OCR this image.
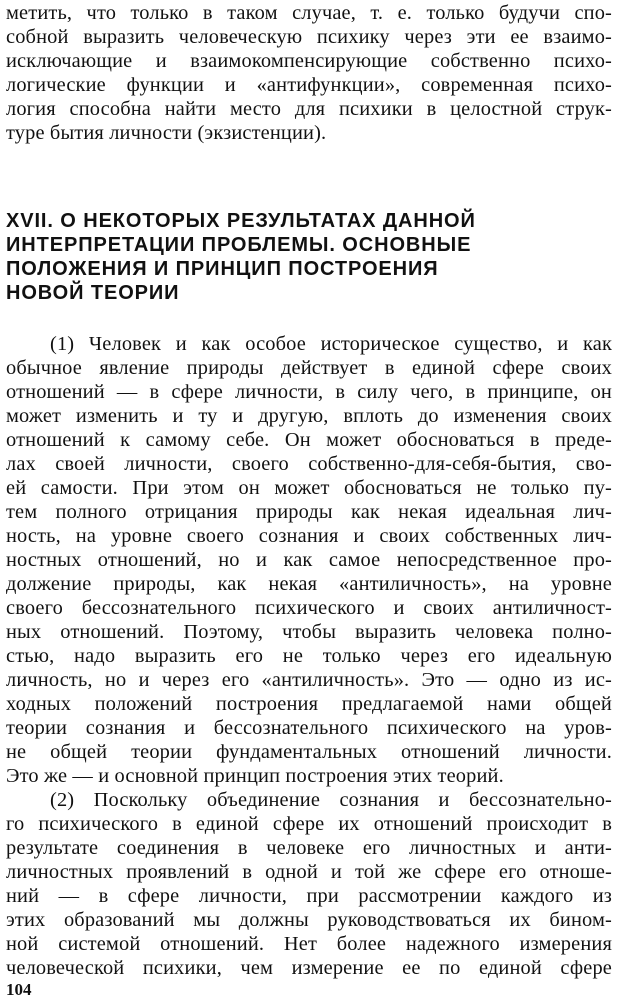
метить, что только в таком случае, т. е. только будучи спо-
собной выразить человеческую психику через эти ее взаимо-
исключающие и взаимокомпенсирующие собственно психо-
логические функции и «антифункции», современная психо-
логия способна найти место для психики в целостной струк-
туре бытия личности (экзистенции).
XVII. О НЕКОТОРЫХ РЕЗУЛЬТАТАХ ДАННОЙ
ИНТЕРПРЕТАЦИИ ПРОБЛЕМЫ. ОСНОВНЫЕ
ПОЛОЖЕНИЯ И ПРИНЦИП ПОСТРОЕНИЯ
НОВОЙ ТЕОРИИ
(1) Человек и как особое историческое существо, и как
обычное явление природы действует в единой сфере своих
отношений — в сфере личности, в силу чего, в принципе, он
может изменить и ту и другую, вплоть до изменения своих
отношений к самому себе. Он может обосноваться в преде-
лах своей личности, своего собственно-для-себя-бытия, сво-
ей самости. При этом он может обосноваться не только пу-
тем полного отрицания природы как некая идеальная лич-
ность, на уровне своего сознания и своих собственных лич-
ностных отношений, но и как самое непосредственное про-
должение природы, как некая «антиличность», на уровне
своего бессознательного психического и своих антиличност-
ных отношений. Поэтому, чтобы выразить человека полно-
стью, надо выразить его не только через его идеальную
личность, но и через его «антиличность». Это — одно из ис-
ходных положений построения предлагаемой нами общей
теории сознания и бессознательного психического на уров-
не общей теории фундаментальных отношений личности.
Это же — и основной принцип построения этих теорий.
(2) Поскольку объединение сознания и бессознательно-
го психического в единой сфере их отношений происходит в
результате соединения в человеке его личностных и анти-
личностных проявлений в одной и той же сфере его отноше-
ний — в сфере личности, при рассмотрении каждого из
этих образований мы должны руководствоваться их бином-
ной системой отношений. Нет более надежного измерения
человеческой психики, чем измерение ее по единой сфере
104
